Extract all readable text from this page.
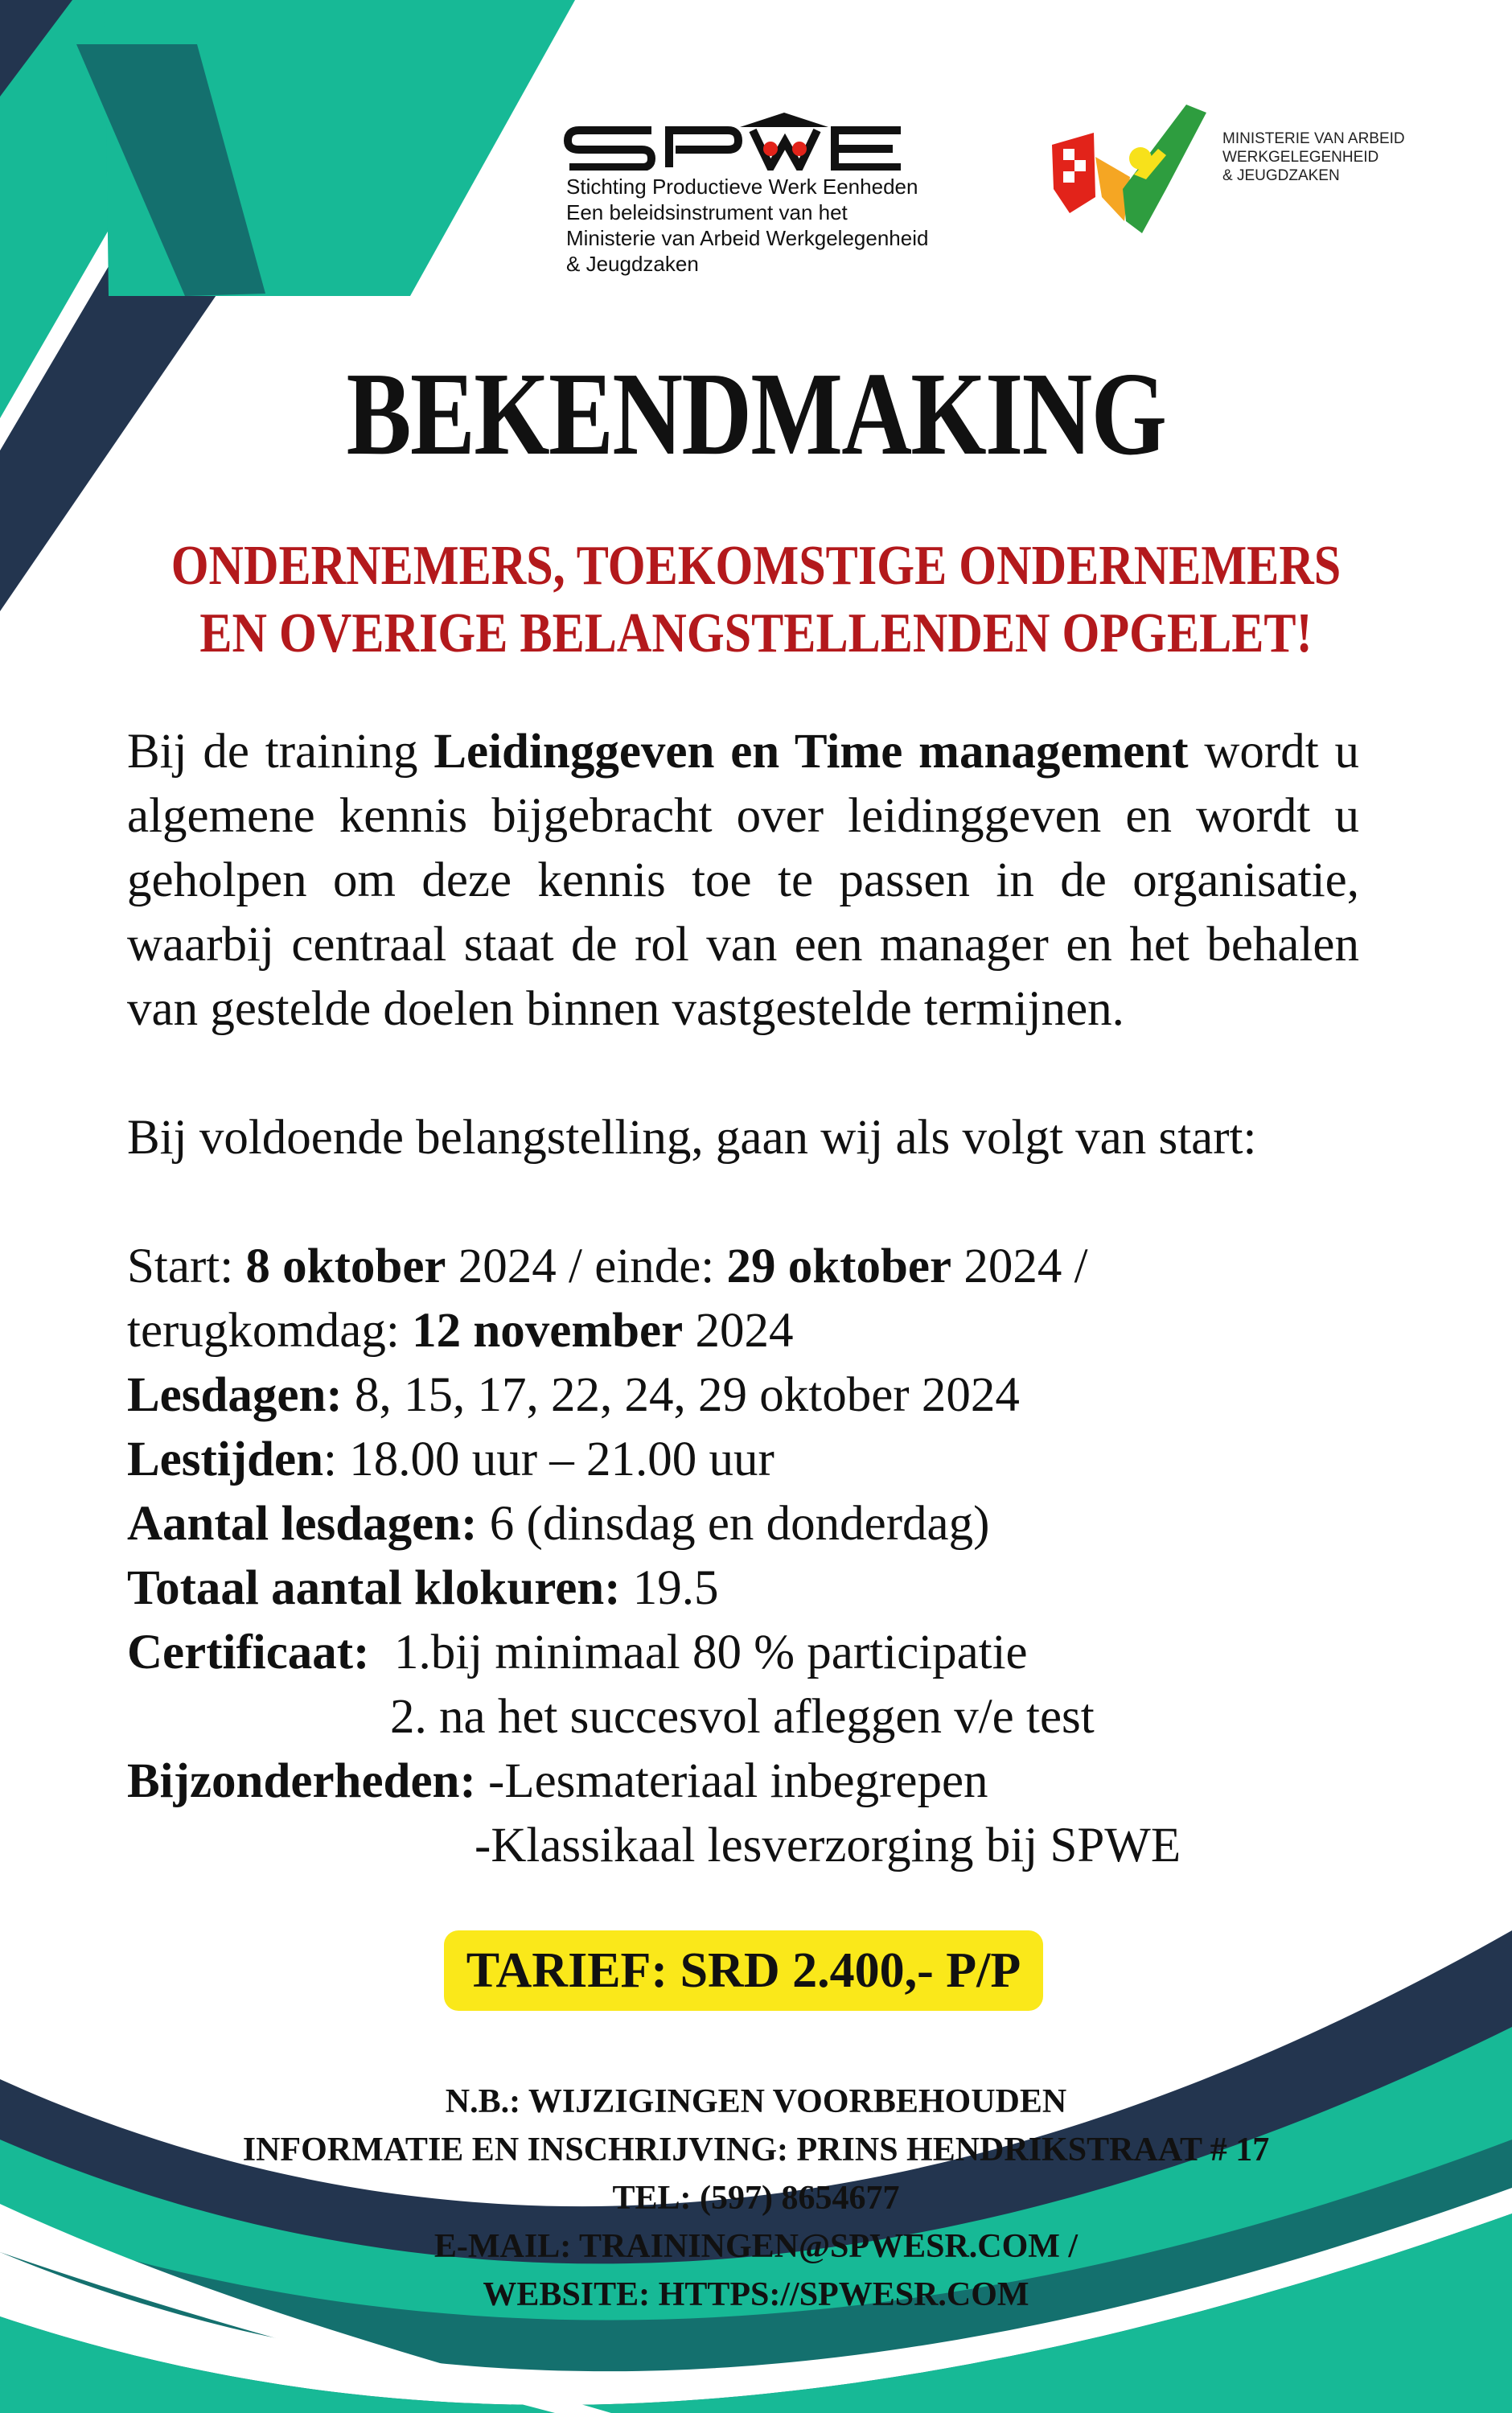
Stichting Productieve Werk Eenheden
Een beleidsinstrument van het
Ministerie van Arbeid Werkgelegenheid
& Jeugdzaken
MINISTERIE VAN ARBEID
WERKGELEGENHEID
& JEUGDZAKEN
BEKENDMAKING
ONDERNEMERS, TOEKOMSTIGE ONDERNEMERS
EN OVERIGE BELANGSTELLENDEN OPGELET!
Bij de training Leidinggeven en Time management wordt u
algemene kennis bijgebracht over leidinggeven en wordt u
geholpen om deze kennis toe te passen in de organisatie,
waarbij centraal staat de rol van een manager en het behalen
van gestelde doelen binnen vastgestelde termijnen.
Bij voldoende belangstelling, gaan wij als volgt van start:
Start: 8 oktober 2024 / einde: 29 oktober 2024 /
terugkomdag: 12 november 2024
Lesdagen: 8, 15, 17, 22, 24, 29 oktober 2024
Lestijden: 18.00 uur – 21.00 uur
Aantal lesdagen: 6 (dinsdag en donderdag)
Totaal aantal klokuren: 19.5
Certificaat:  1.bij minimaal 80 % participatie
2. na het succesvol afleggen v/e test
Bijzonderheden: -Lesmateriaal inbegrepen
-Klassikaal lesverzorging bij SPWE
TARIEF: SRD 2.400,- P/P
N.B.: WIJZIGINGEN VOORBEHOUDEN
INFORMATIE EN INSCHRIJVING: PRINS HENDRIKSTRAAT # 17
TEL: (597) 8654677
E-MAIL: TRAININGEN@SPWESR.COM /
WEBSITE: HTTPS://SPWESR.COM
